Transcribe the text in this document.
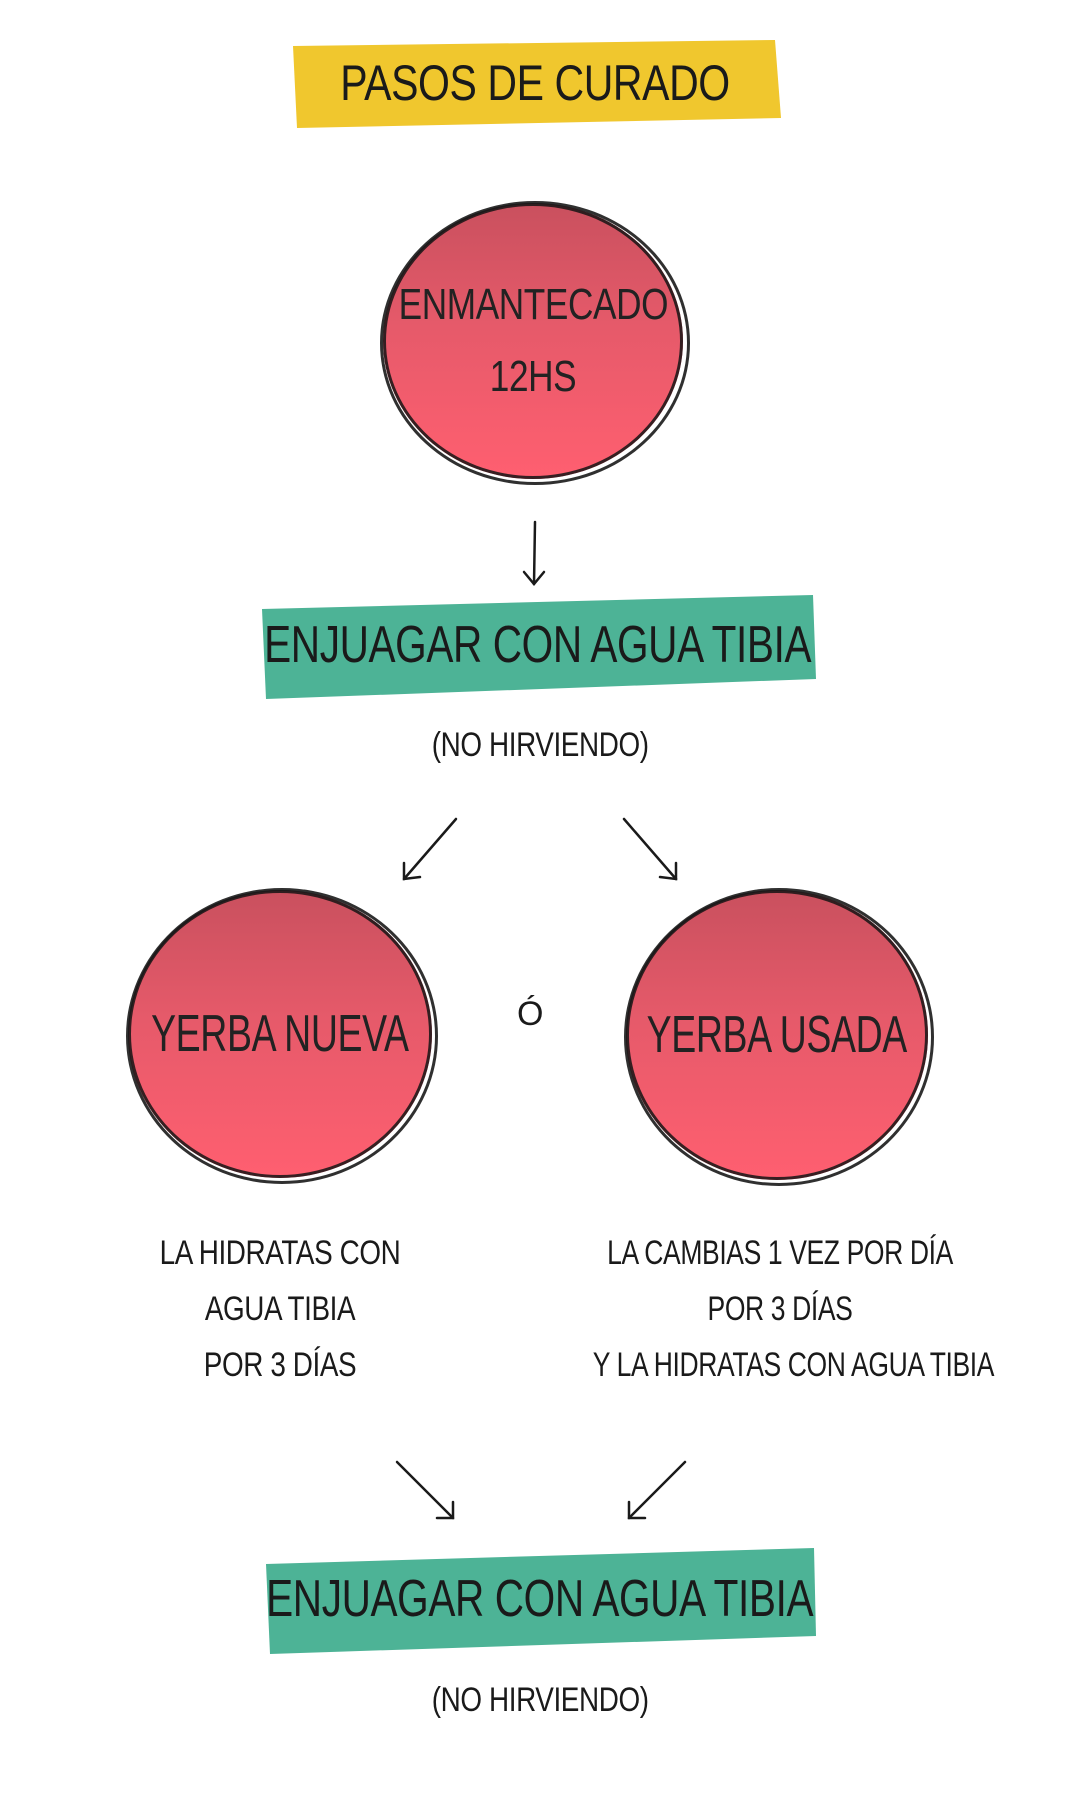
PASOS DE CURADO
ENMANTECADO
12HS
ENJUAGAR CON AGUA TIBIA
(NO HIRVIENDO)
YERBA NUEVA	Ó YERBA USADA
LA HIDRATAS CON
AGUA TIBIA
POR 3 DÍAS
LA CAMBIAS 1 VEZ POR DÍA
POR 3 DÍAS
Y LA HIDRATAS CON AGUA TIBIA
ENJUAGAR CON AGUA TIBIA
(NO HIRVIENDO)
